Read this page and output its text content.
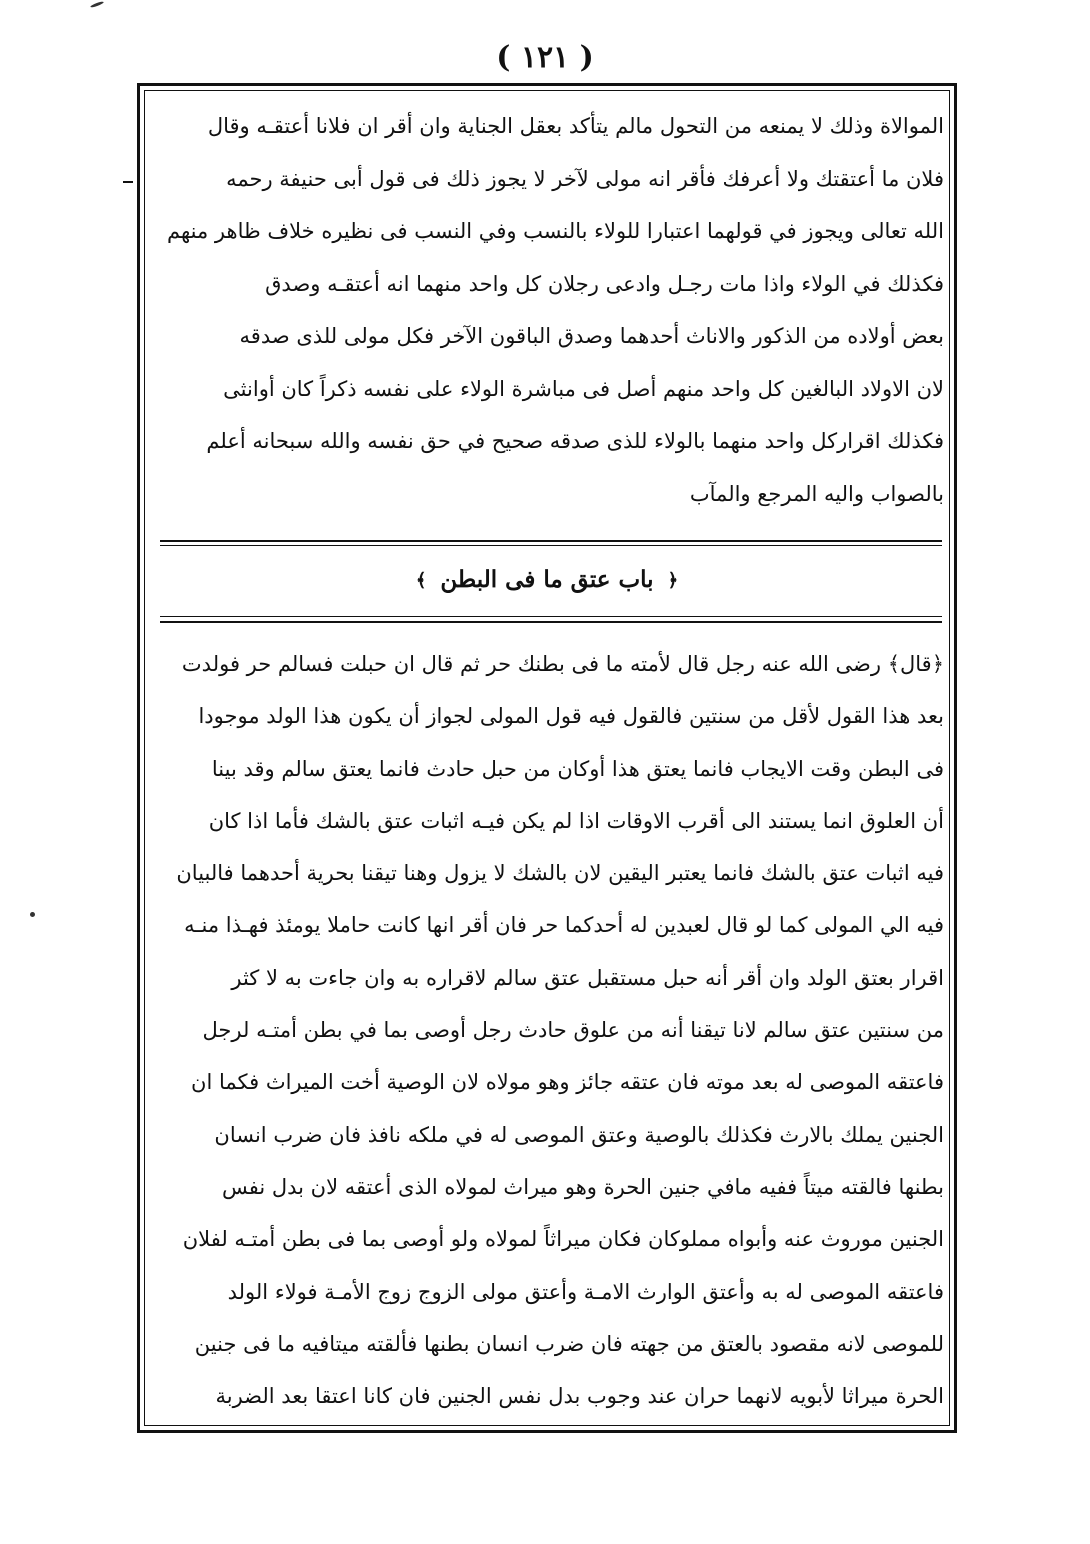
( ١٢١ )

الموالاة وذلك لا يمنعه من التحول مالم يتأكد بعقل الجناية وان أقر ان فلانا أعتقـه وقال

فلان ما أعتقتك ولا أعرفك فأقر انه مولى لآخر لا يجوز ذلك فى قول أبى حنيفة رحمه

الله تعالى ويجوز في قولهما اعتبارا للولاء بالنسب وفي النسب فى نظيره خلاف ظاهر منهم

فكذلك في الولاء واذا مات رجـل وادعى رجلان كل واحد منهما انه أعتقـه وصدق

بعض أولاده من الذكور والاناث أحدهما وصدق الباقون الآخر فكل مولى للذى صدقه

لان الاولاد البالغين كل واحد منهم أصل فى مباشرة الولاء على نفسه ذكراً كان أوانثى

فكذلك اقراركل واحد منهما بالولاء للذى صدقه صحيح في حق نفسه والله سبحانه أعلم

بالصواب واليه المرجع والمآب

﴿ باب عتق ما فى البطن ﴾

﴿قال﴾ رضى الله عنه رجل قال لأمته ما فى بطنك حر ثم قال ان حبلت فسالم حر فولدت

بعد هذا القول لأقل من سنتين فالقول فيه قول المولى لجواز أن يكون هذا الولد موجودا

فى البطن وقت الايجاب فانما يعتق هذا أوكان من حبل حادث فانما يعتق سالم وقد بينا

أن العلوق انما يستند الى أقرب الاوقات اذا لم يكن فيـه اثبات عتق بالشك فأما اذا كان

فيه اثبات عتق بالشك فانما يعتبر اليقين لان بالشك لا يزول وهنا تيقنا بحرية أحدهما فالبيان

فيه الي المولى كما لو قال لعبدين له أحدكما حر فان أقر انها كانت حاملا يومئذ فهـذا منـه

اقرار بعتق الولد وان أقر أنه حبل مستقبل عتق سالم لاقراره به وان جاءت به لا كثر

من سنتين عتق سالم لانا تيقنا أنه من علوق حادث رجل أوصى بما في بطن أمتـه لرجل

فاعتقه الموصى له بعد موته فان عتقه جائز وهو مولاه لان الوصية أخت الميراث فكما ان

الجنين يملك بالارث فكذلك بالوصية وعتق الموصى له في ملكه نافذ فان ضرب انسان

بطنها فالقته ميتاً ففيه مافي جنين الحرة وهو ميراث لمولاه الذى أعتقه لان بدل نفس

الجنين موروث عنه وأبواه مملوكان فكان ميراثاً لمولاه ولو أوصى بما فى بطن أمتـه لفلان

فاعتقه الموصى له به وأعتق الوارث الامـة وأعتق مولى الزوج زوج الأمـة فولاء الولد

للموصى لانه مقصود بالعتق من جهته فان ضرب انسان بطنها فألقته ميتافيه ما فى جنين

الحرة ميراثا لأبويه لانهما حران عند وجوب بدل نفس الجنين فان كانا اعتقا بعد الضربة
